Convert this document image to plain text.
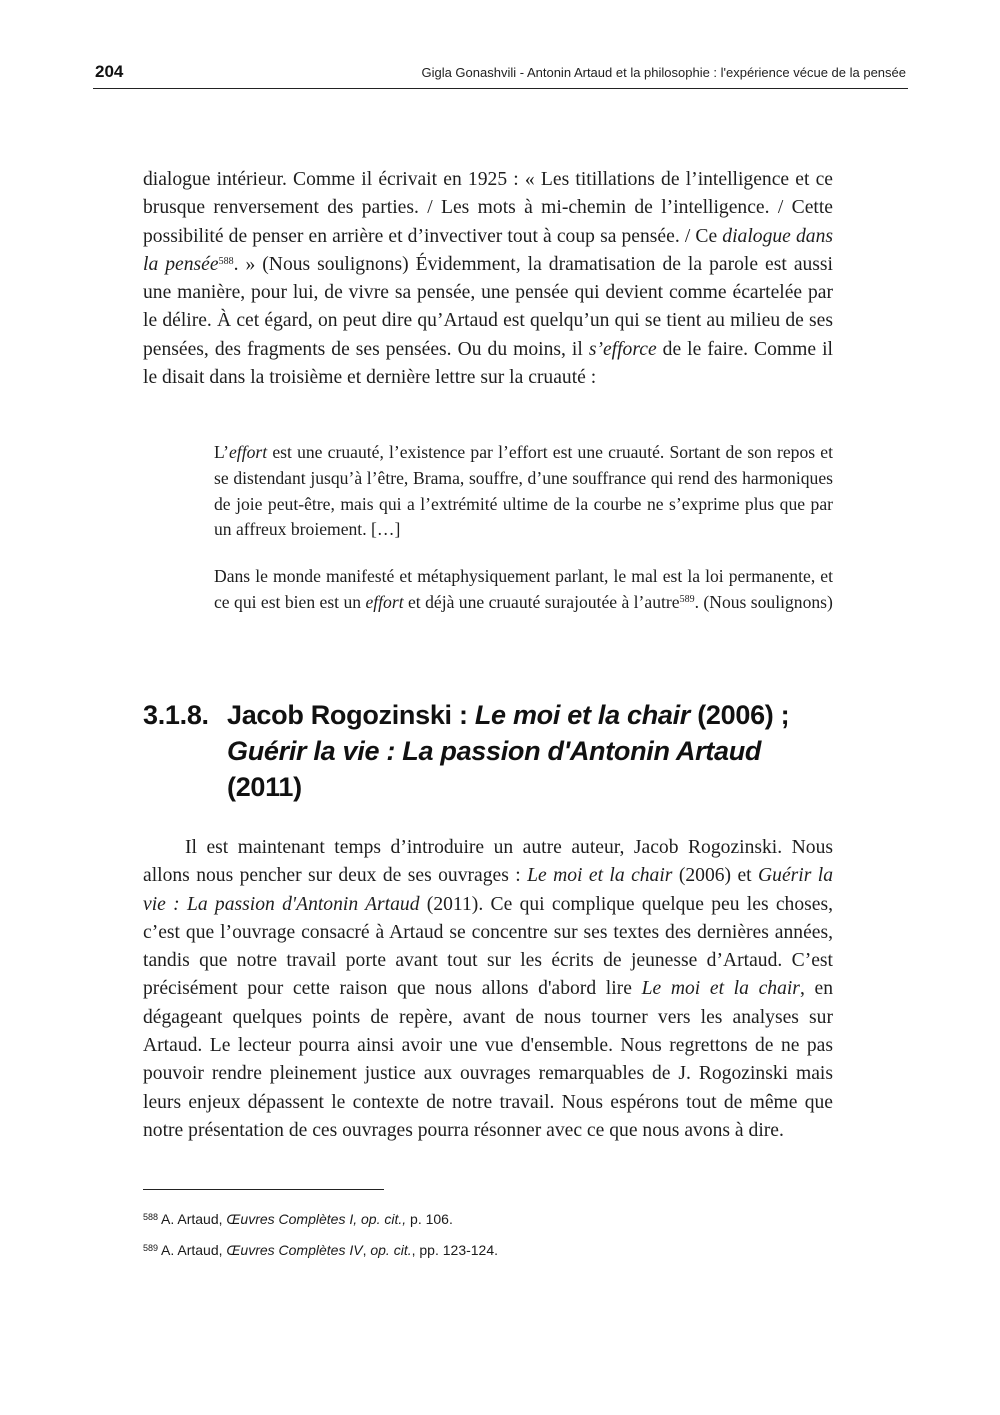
204	Gigla Gonashvili - Antonin Artaud et la philosophie : l'expérience vécue de la pensée

dialogue intérieur. Comme il écrivait en 1925 : « Les titillations de l’intelligence et ce brusque renversement des parties. / Les mots à mi-chemin de l’intelligence. / Cette possibilité de penser en arrière et d’invectiver tout à coup sa pensée. / Ce dialogue dans la pensée$^{588}$. » (Nous soulignons) Évidemment, la dramatisation de la parole est aussi une manière, pour lui, de vivre sa pensée, une pensée qui devient comme écartelée par le délire. À cet égard, on peut dire qu’Artaud est quelqu’un qui se tient au milieu de ses pensées, des fragments de ses pensées. Ou du moins, il s’efforce de le faire. Comme il le disait dans la troisième et dernière lettre sur la cruauté :

L’effort est une cruauté, l’existence par l’effort est une cruauté. Sortant de son repos et se distendant jusqu’à l’être, Brama, souffre, d’une souffrance qui rend des harmoniques de joie peut-être, mais qui a l’extrémité ultime de la courbe ne s’exprime plus que par un affreux broiement. […]

Dans le monde manifesté et métaphysiquement parlant, le mal est la loi permanente, et ce qui est bien est un effort et déjà une cruauté surajoutée à l’autre$^{589}$. (Nous soulignons)

3.1.8. Jacob Rogozinski : Le moi et la chair (2006) ;
Guérir la vie : La passion d'Antonin Artaud
(2011)

Il est maintenant temps d’introduire un autre auteur, Jacob Rogozinski. Nous allons nous pencher sur deux de ses ouvrages : Le moi et la chair (2006) et Guérir la vie : La passion d'Antonin Artaud (2011). Ce qui complique quelque peu les choses, c’est que l’ouvrage consacré à Artaud se concentre sur ses textes des dernières années, tandis que notre travail porte avant tout sur les écrits de jeunesse d’Artaud. C’est précisément pour cette raison que nous allons d'abord lire Le moi et la chair, en dégageant quelques points de repère, avant de nous tourner vers les analyses sur Artaud. Le lecteur pourra ainsi avoir une vue d'ensemble. Nous regrettons de ne pas pouvoir rendre pleinement justice aux ouvrages remarquables de J. Rogozinski mais leurs enjeux dépassent le contexte de notre travail. Nous espérons tout de même que notre présentation de ces ouvrages pourra résonner avec ce que nous avons à dire.

$^{588}$ A. Artaud, Œuvres Complètes I, op. cit., p. 106.
$^{589}$ A. Artaud, Œuvres Complètes IV, op. cit., pp. 123-124.
